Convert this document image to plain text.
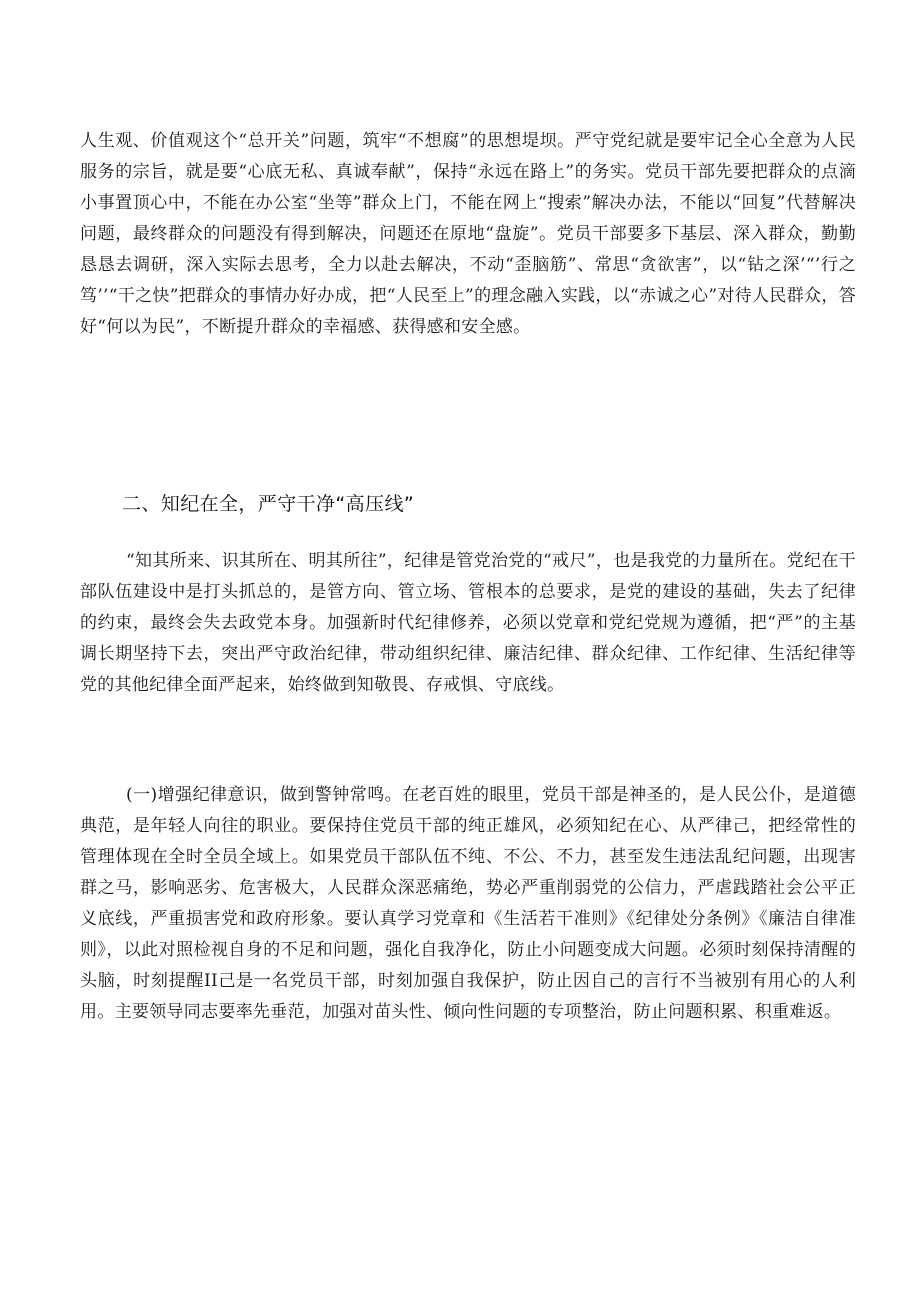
人生观、价值观这个“总开关”问题，筑牢“不想腐”的思想堤坝。严守党纪就是要牢记全心全意为人民服务的宗旨，就是要“心底无私、真诚奉献”，保持“永远在路上”的务实。党员干部先要把群众的点滴小事置顶心中，不能在办公室“坐等”群众上门，不能在网上“搜索”解决办法，不能以“回复”代替解决问题，最终群众的问题没有得到解决，问题还在原地“盘旋”。党员干部要多下基层、深入群众，勤勤恳恳去调研，深入实际去思考，全力以赴去解决，不动“歪脑筋”、常思“贪欲害”，以“钻之深’“’行之笃’’“干之快”把群众的事情办好办成，把“人民至上”的理念融入实践，以“赤诚之心”对待人民群众，答好“何以为民”，不断提升群众的幸福感、获得感和安全感。

二、知纪在全，严守干净“高压线”

“知其所来、识其所在、明其所往”，纪律是管党治党的“戒尺”，也是我党的力量所在。党纪在干部队伍建设中是打头抓总的，是管方向、管立场、管根本的总要求，是党的建设的基础，失去了纪律的约束，最终会失去政党本身。加强新时代纪律修养，必须以党章和党纪党规为遵循，把“严”的主基调长期坚持下去，突出严守政治纪律，带动组织纪律、廉洁纪律、群众纪律、工作纪律、生活纪律等党的其他纪律全面严起来，始终做到知敬畏、存戒惧、守底线。

(一)增强纪律意识，做到警钟常鸣。在老百姓的眼里，党员干部是神圣的，是人民公仆，是道德典范，是年轻人向往的职业。要保持住党员干部的纯正雄风，必须知纪在心、从严律己，把经常性的管理体现在全时全员全域上。如果党员干部队伍不纯、不公、不力，甚至发生违法乱纪问题，出现害群之马，影响恶劣、危害极大，人民群众深恶痛绝，势必严重削弱党的公信力，严虐践踏社会公平正义底线，严重损害党和政府形象。要认真学习党章和《生活若干准则》《纪律处分条例》《廉洁自律准则》，以此对照检视自身的不足和问题，强化自我净化，防止小问题变成大问题。必须时刻保持清醒的头脑，时刻提醒II己是一名党员干部，时刻加强自我保护，防止因自己的言行不当被别有用心的人利用。主要领导同志要率先垂范，加强对苗头性、倾向性问题的专项整治，防止问题积累、积重难返。
